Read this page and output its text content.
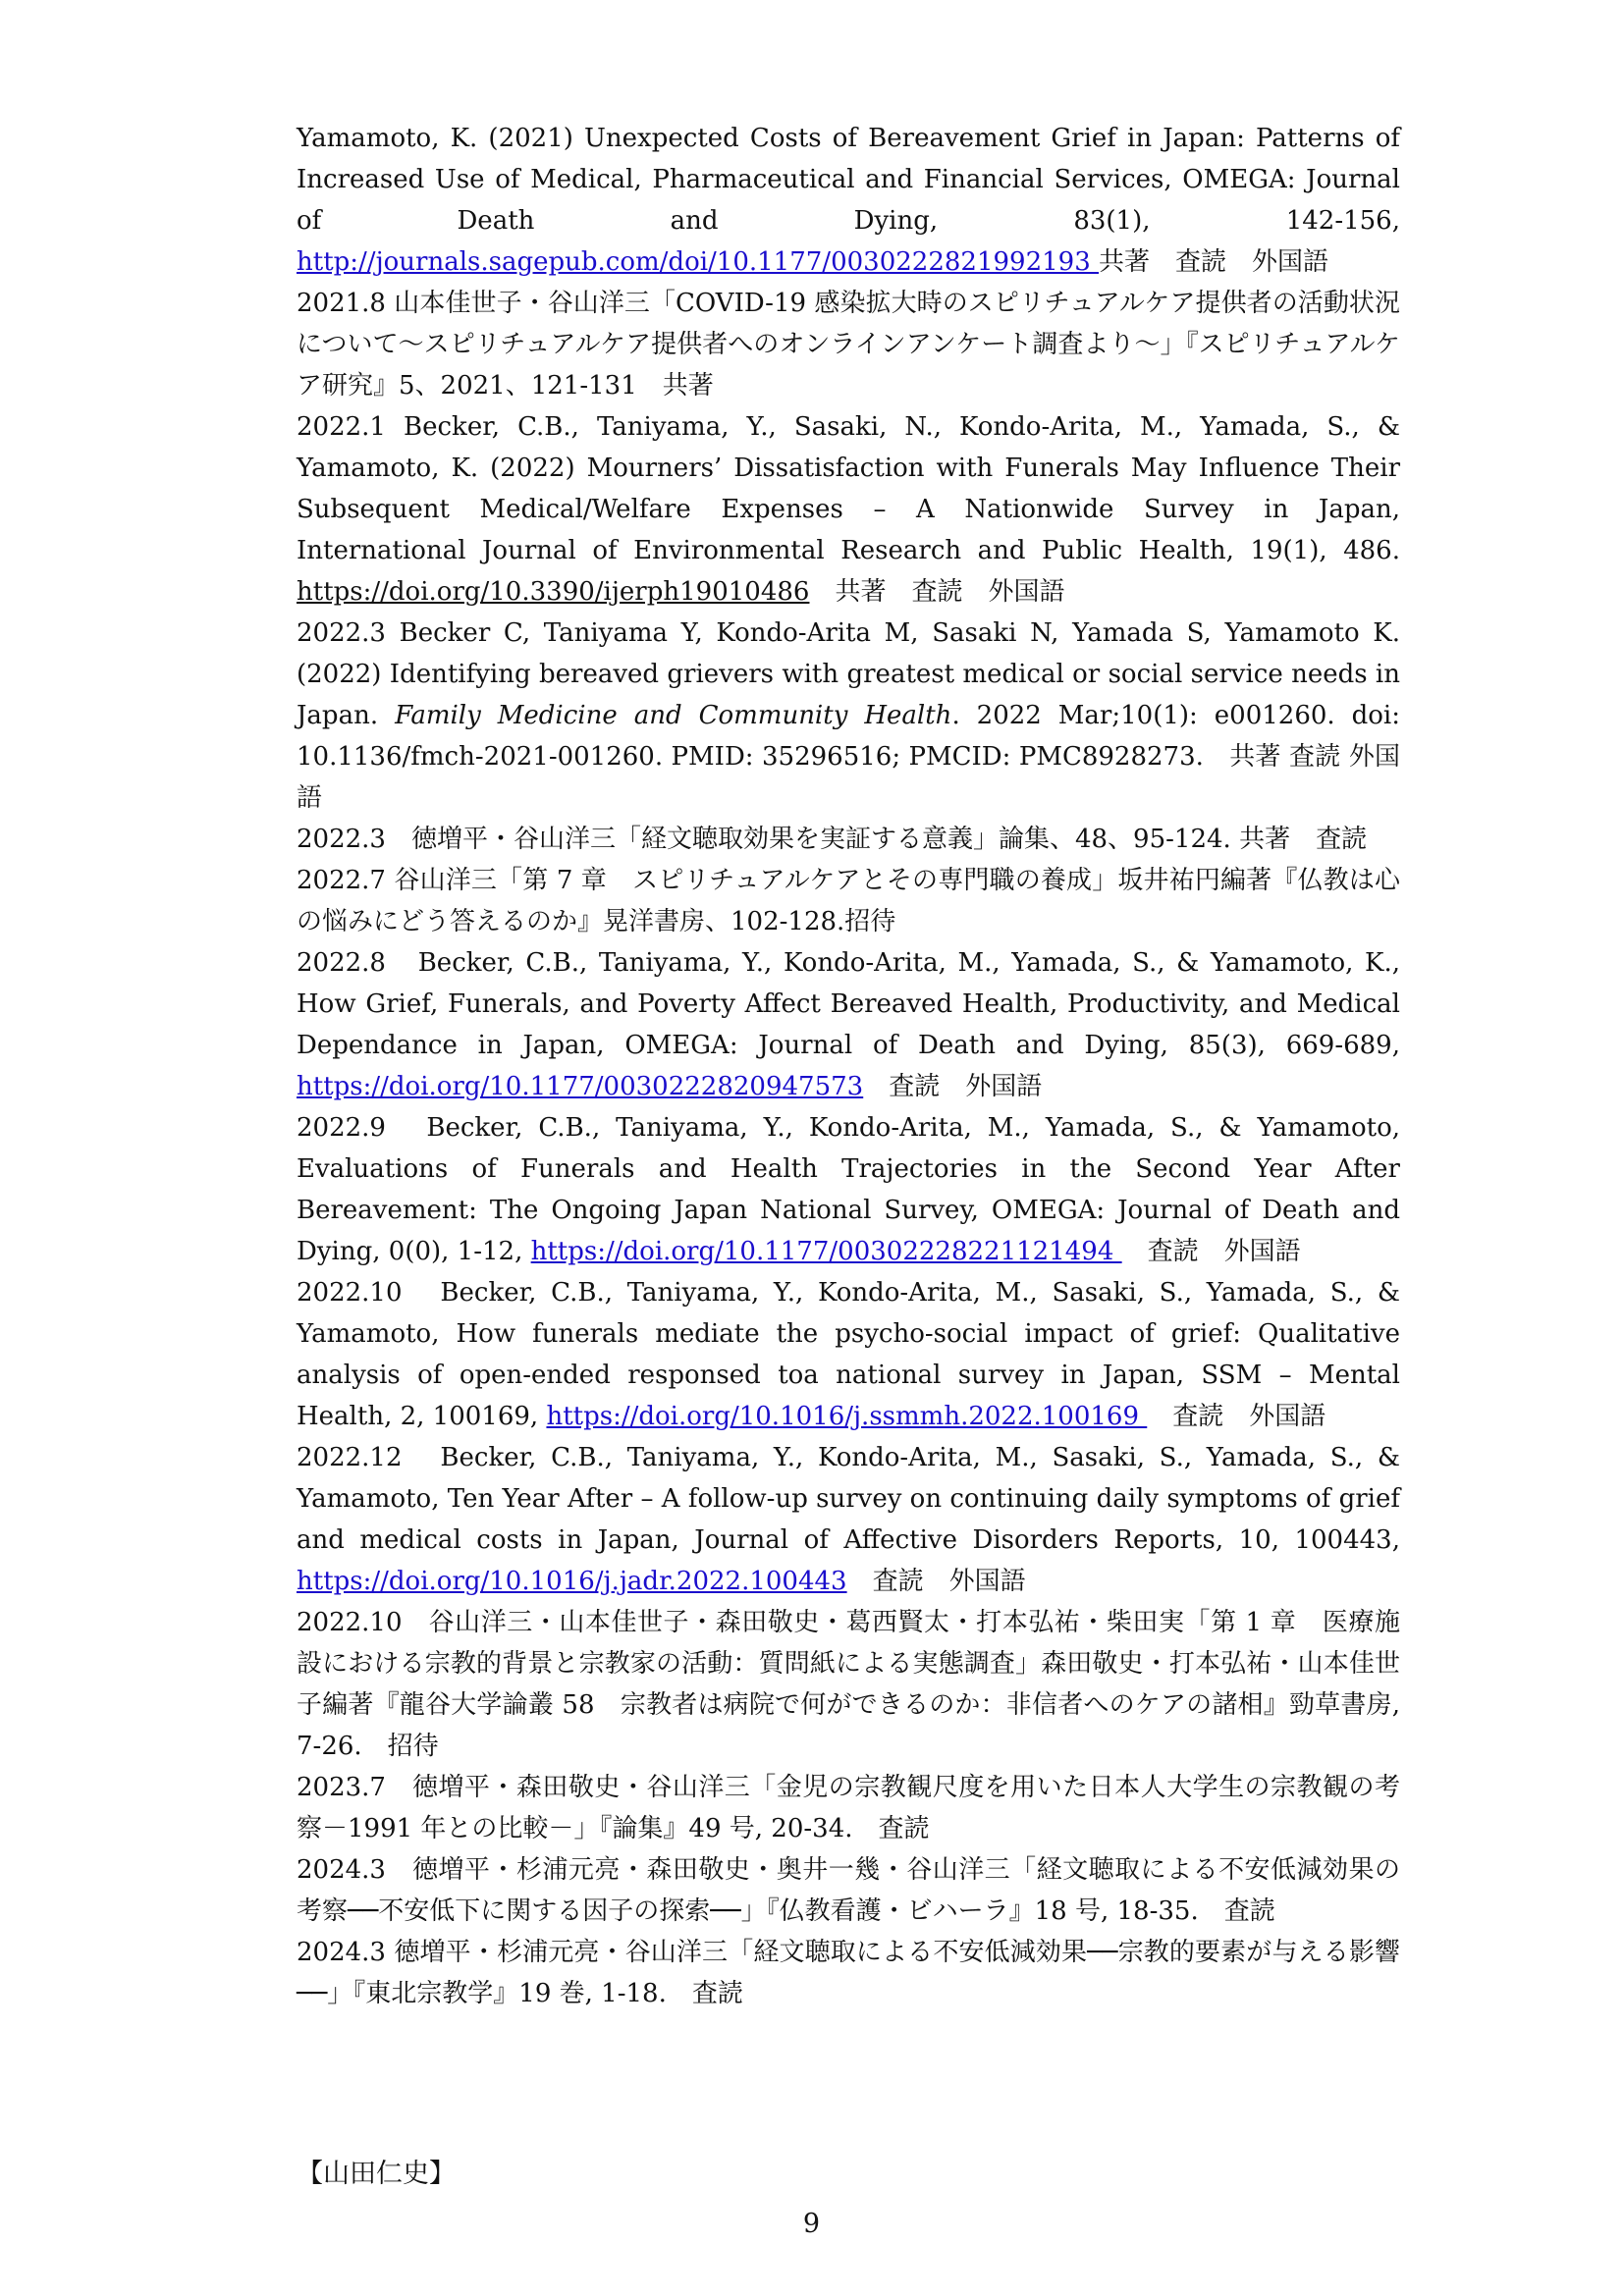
Yamamoto, K. (2021) Unexpected Costs of Bereavement Grief in Japan: Patterns of Increased Use of Medical, Pharmaceutical and Financial Services, OMEGA: Journal of Death and Dying, 83(1), 142-156, http://journals.sagepub.com/doi/10.1177/0030222821992193 共著　査読　外国語

2021.8 山本佳世子・谷山洋三「COVID-19 感染拡大時のスピリチュアルケア提供者の活動状況について～スピリチュアルケア提供者へのオンラインアンケート調査より～」『スピリチュアルケア研究』5、2021、121-131　共著

2022.1 Becker, C.B., Taniyama, Y., Sasaki, N., Kondo-Arita, M., Yamada, S., & Yamamoto, K. (2022) Mourners’ Dissatisfaction with Funerals May Influence Their Subsequent Medical/Welfare Expenses – A Nationwide Survey in Japan, International Journal of Environmental Research and Public Health, 19(1), 486. https://doi.org/10.3390/ijerph19010486　共著　査読　外国語

2022.3 Becker C, Taniyama Y, Kondo-Arita M, Sasaki N, Yamada S, Yamamoto K. (2022) Identifying bereaved grievers with greatest medical or social service needs in Japan. Family Medicine and Community Health. 2022 Mar;10(1): e001260. doi: 10.1136/fmch-2021-001260. PMID: 35296516; PMCID: PMC8928273.　共著 査読 外国語

2022.3　徳増平・谷山洋三「経文聴取効果を実証する意義」論集、48、95-124. 共著　査読

2022.7 谷山洋三「第 7 章　スピリチュアルケアとその専門職の養成」坂井祐円編著『仏教は心の悩みにどう答えるのか』晃洋書房、102-128.招待

2022.8　Becker, C.B., Taniyama, Y., Kondo-Arita, M., Yamada, S., & Yamamoto, K., How Grief, Funerals, and Poverty Affect Bereaved Health, Productivity, and Medical Dependance in Japan, OMEGA: Journal of Death and Dying, 85(3), 669-689, https://doi.org/10.1177/0030222820947573　査読　外国語

2022.9　Becker, C.B., Taniyama, Y., Kondo-Arita, M., Yamada, S., & Yamamoto, Evaluations of Funerals and Health Trajectories in the Second Year After Bereavement: The Ongoing Japan National Survey, OMEGA: Journal of Death and Dying, 0(0), 1-12, https://doi.org/10.1177/00302228221121494 　査読　外国語

2022.10　Becker, C.B., Taniyama, Y., Kondo-Arita, M., Sasaki, S., Yamada, S., & Yamamoto, How funerals mediate the psycho-social impact of grief: Qualitative analysis of open-ended responsed toa national survey in Japan, SSM – Mental Health, 2, 100169, https://doi.org/10.1016/j.ssmmh.2022.100169 　査読　外国語

2022.12　Becker, C.B., Taniyama, Y., Kondo-Arita, M., Sasaki, S., Yamada, S., & Yamamoto, Ten Year After – A follow-up survey on continuing daily symptoms of grief and medical costs in Japan, Journal of Affective Disorders Reports, 10, 100443, https://doi.org/10.1016/j.jadr.2022.100443　査読　外国語

2022.10　谷山洋三・山本佳世子・森田敬史・葛西賢太・打本弘祐・柴田実「第 1 章　医療施設における宗教的背景と宗教家の活動：質問紙による実態調査」森田敬史・打本弘祐・山本佳世子編著『龍谷大学論叢 58　宗教者は病院で何ができるのか：非信者へのケアの諸相』勁草書房, 7-26.　招待

2023.7　徳増平・森田敬史・谷山洋三「金児の宗教観尺度を用いた日本人大学生の宗教観の考察－1991 年との比較－」『論集』49 号, 20-34.　査読

2024.3　徳増平・杉浦元亮・森田敬史・奥井一幾・谷山洋三「経文聴取による不安低減効果の考察──不安低下に関する因子の探索──」『仏教看護・ビハーラ』18 号, 18-35.　査読

2024.3 徳増平・杉浦元亮・谷山洋三「経文聴取による不安低減効果──宗教的要素が与える影響──」『東北宗教学』19 巻, 1-18.　査読

【山田仁史】
9
